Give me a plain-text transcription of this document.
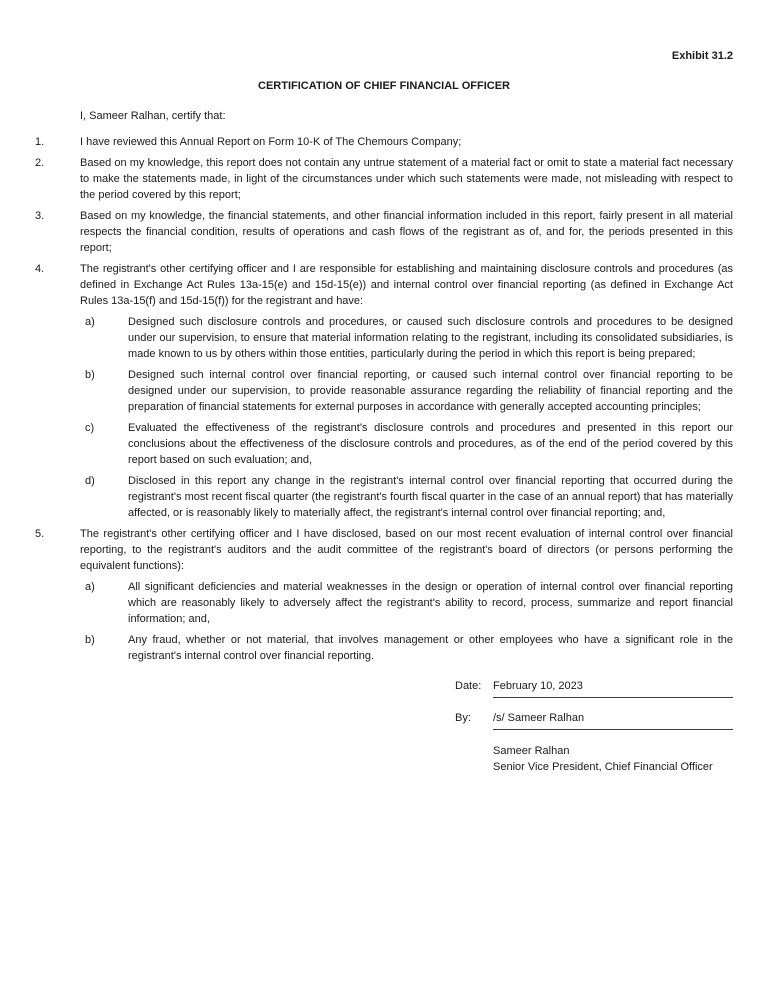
Exhibit 31.2
CERTIFICATION OF CHIEF FINANCIAL OFFICER
I, Sameer Ralhan, certify that:
1.	I have reviewed this Annual Report on Form 10-K of The Chemours Company;
2.	Based on my knowledge, this report does not contain any untrue statement of a material fact or omit to state a material fact necessary to make the statements made, in light of the circumstances under which such statements were made, not misleading with respect to the period covered by this report;
3.	Based on my knowledge, the financial statements, and other financial information included in this report, fairly present in all material respects the financial condition, results of operations and cash flows of the registrant as of, and for, the periods presented in this report;
4.	The registrant's other certifying officer and I are responsible for establishing and maintaining disclosure controls and procedures (as defined in Exchange Act Rules 13a-15(e) and 15d-15(e)) and internal control over financial reporting (as defined in Exchange Act Rules 13a-15(f) and 15d-15(f)) for the registrant and have:
a)	Designed such disclosure controls and procedures, or caused such disclosure controls and procedures to be designed under our supervision, to ensure that material information relating to the registrant, including its consolidated subsidiaries, is made known to us by others within those entities, particularly during the period in which this report is being prepared;
b)	Designed such internal control over financial reporting, or caused such internal control over financial reporting to be designed under our supervision, to provide reasonable assurance regarding the reliability of financial reporting and the preparation of financial statements for external purposes in accordance with generally accepted accounting principles;
c)	Evaluated the effectiveness of the registrant's disclosure controls and procedures and presented in this report our conclusions about the effectiveness of the disclosure controls and procedures, as of the end of the period covered by this report based on such evaluation; and,
d)	Disclosed in this report any change in the registrant's internal control over financial reporting that occurred during the registrant's most recent fiscal quarter (the registrant's fourth fiscal quarter in the case of an annual report) that has materially affected, or is reasonably likely to materially affect, the registrant's internal control over financial reporting; and,
5.	The registrant's other certifying officer and I have disclosed, based on our most recent evaluation of internal control over financial reporting, to the registrant's auditors and the audit committee of the registrant's board of directors (or persons performing the equivalent functions):
a)	All significant deficiencies and material weaknesses in the design or operation of internal control over financial reporting which are reasonably likely to adversely affect the registrant's ability to record, process, summarize and report financial information; and,
b)	Any fraud, whether or not material, that involves management or other employees who have a significant role in the registrant's internal control over financial reporting.
Date:	February 10, 2023
By:	/s/ Sameer Ralhan
Sameer Ralhan
Senior Vice President, Chief Financial Officer
